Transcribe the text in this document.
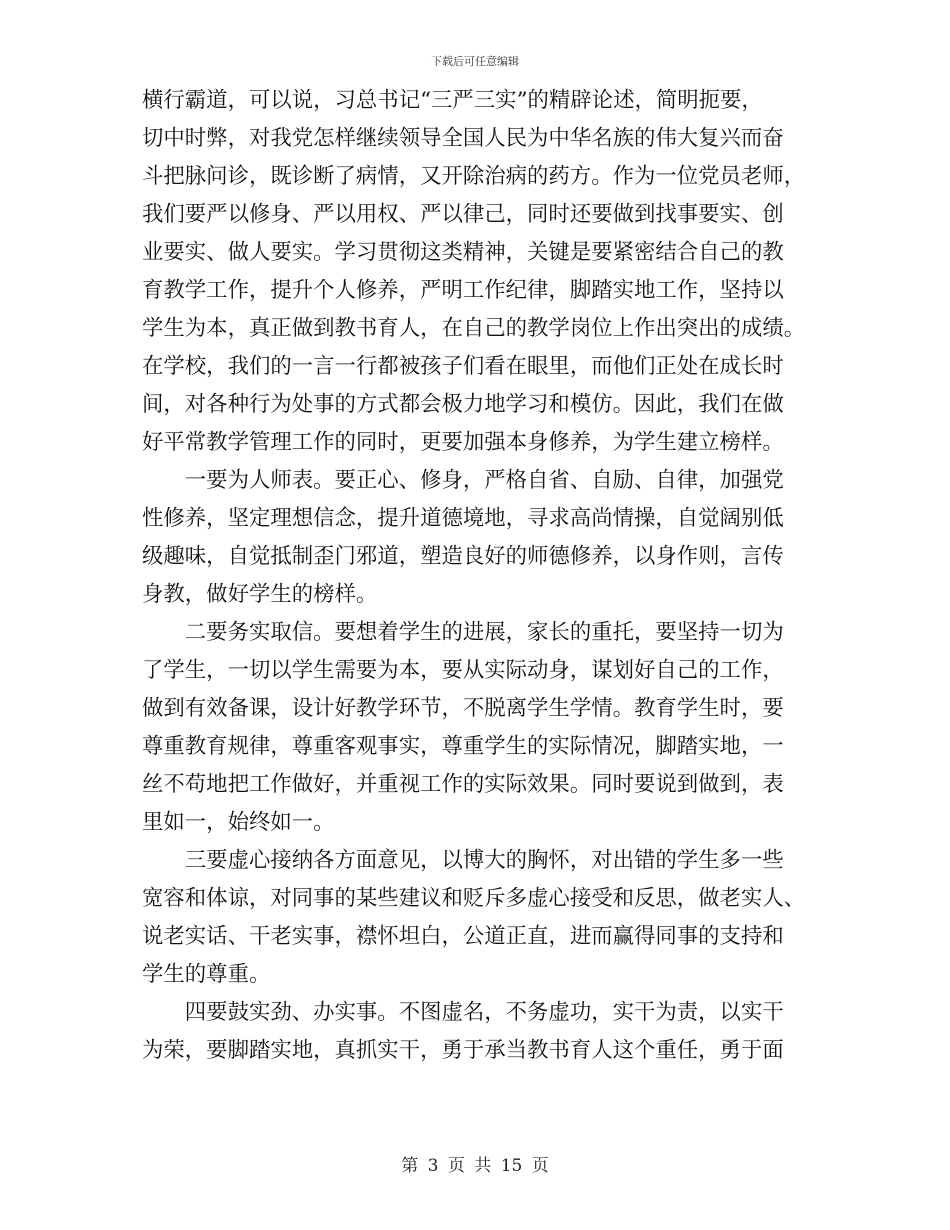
下载后可任意编辑
横行霸道，可以说，习总书记“三严三实”的精辟论述，简明扼要，
切中时弊，对我党怎样继续领导全国人民为中华名族的伟大复兴而奋
斗把脉问诊，既诊断了病情，又开除治病的药方。作为一位党员老师，
我们要严以修身、严以用权、严以律己，同时还要做到找事要实、创
业要实、做人要实。学习贯彻这类精神，关键是要紧密结合自己的教
育教学工作，提升个人修养，严明工作纪律，脚踏实地工作，坚持以
学生为本，真正做到教书育人，在自己的教学岗位上作出突出的成绩。
在学校，我们的一言一行都被孩子们看在眼里，而他们正处在成长时
间，对各种行为处事的方式都会极力地学习和模仿。因此，我们在做
好平常教学管理工作的同时，更要加强本身修养，为学生建立榜样。
　　一要为人师表。要正心、修身，严格自省、自励、自律，加强党
性修养，坚定理想信念，提升道德境地，寻求高尚情操，自觉阔别低
级趣味，自觉抵制歪门邪道，塑造良好的师德修养，以身作则，言传
身教，做好学生的榜样。
　　二要务实取信。要想着学生的进展，家长的重托，要坚持一切为
了学生，一切以学生需要为本，要从实际动身，谋划好自己的工作，
做到有效备课，设计好教学环节，不脱离学生学情。教育学生时，要
尊重教育规律，尊重客观事实，尊重学生的实际情况，脚踏实地，一
丝不苟地把工作做好，并重视工作的实际效果。同时要说到做到，表
里如一，始终如一。
　　三要虚心接纳各方面意见，以博大的胸怀，对出错的学生多一些
宽容和体谅，对同事的某些建议和贬斥多虚心接受和反思，做老实人、
说老实话、干老实事，襟怀坦白，公道正直，进而赢得同事的支持和
学生的尊重。
　　四要鼓实劲、办实事。不图虚名，不务虚功，实干为责，以实干
为荣，要脚踏实地，真抓实干，勇于承当教书育人这个重任，勇于面
第 3 页 共 15 页
